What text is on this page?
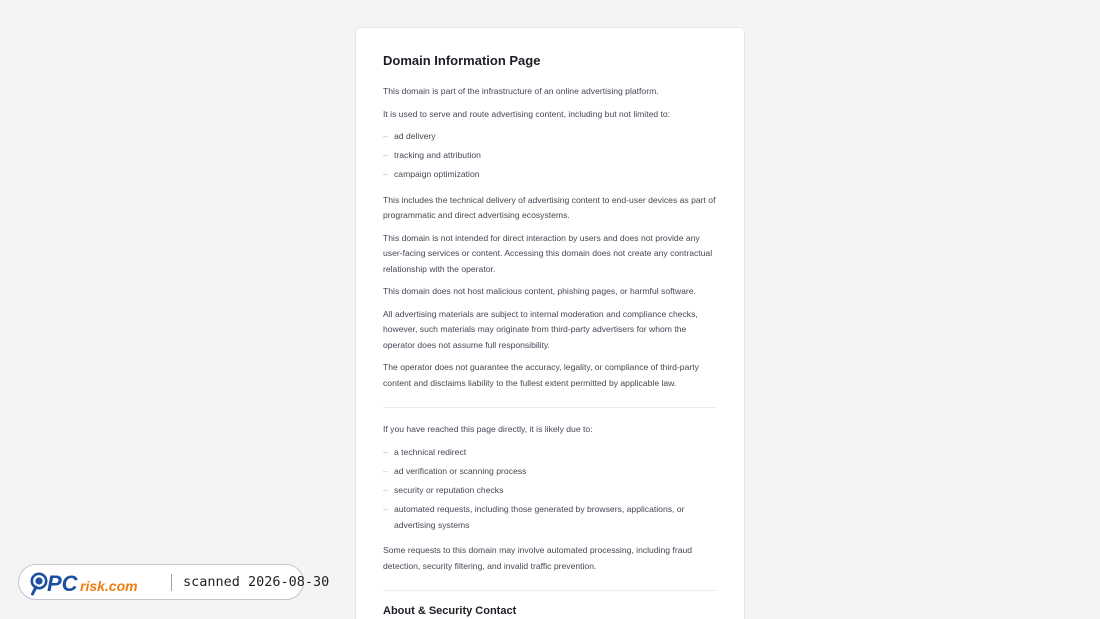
Domain Information Page

This domain is part of the infrastructure of an online advertising platform.

It is used to serve and route advertising content, including but not limited to:

– ad delivery
– tracking and attribution
– campaign optimization

This includes the technical delivery of advertising content to end-user devices as part of programmatic and direct advertising ecosystems.

This domain is not intended for direct interaction by users and does not provide any user-facing services or content. Accessing this domain does not create any contractual relationship with the operator.

This domain does not host malicious content, phishing pages, or harmful software.

All advertising materials are subject to internal moderation and compliance checks, however, such materials may originate from third-party advertisers for whom the operator does not assume full responsibility.

The operator does not guarantee the accuracy, legality, or compliance of third-party content and disclaims liability to the fullest extent permitted by applicable law.

If you have reached this page directly, it is likely due to:

– a technical redirect
– ad verification or scanning process
– security or reputation checks
– automated requests, including those generated by browsers, applications, or advertising systems

Some requests to this domain may involve automated processing, including fraud detection, security filtering, and invalid traffic prevention.

About & Security Contact
PC risk.com	scanned 2026-08-30
